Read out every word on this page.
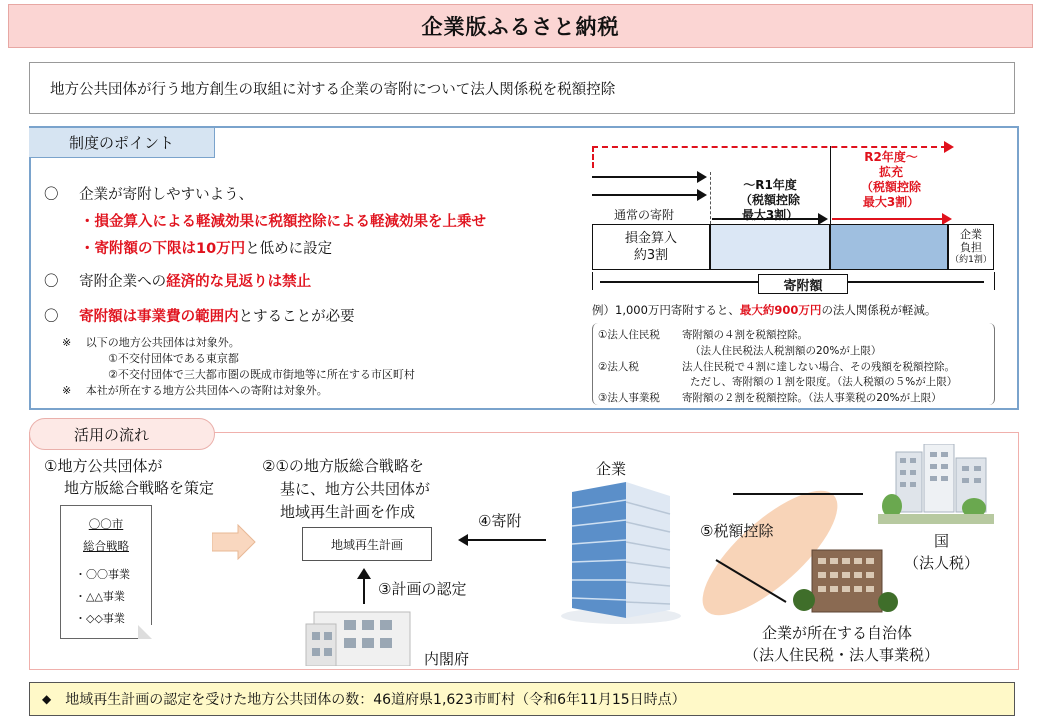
企業版ふるさと納税
地方公共団体が行う地方創生の取組に対する企業の寄附について法人関係税を税額控除
制度のポイント
〇 企業が寄附しやすいよう、
・損金算入による軽減効果に税額控除による軽減効果を上乗せ
・寄附額の下限は10万円と低めに設定
〇 寄附企業への経済的な見返りは禁止
〇 寄附額は事業費の範囲内とすることが必要
※　 以下の地方公共団体は対象外。
①不交付団体である東京都
②不交付団体で三大都市圏の既成市街地等に所在する市区町村
※　 本社が所在する地方公共団体への寄附は対象外。
R2年度～
拡充
（税額控除
最大3割）
～R1年度
（税額控除
最大3割）
通常の寄附
損金算入
約3割
企業
負担
（約1割）
寄附額
例）1,000万円寄附すると、最大約900万円の法人関係税が軽減。
①法人住民税 寄附額の４割を税額控除。
（法人住民税法人税割額の20%が上限）
②法人税	法人住民税で４割に達しない場合、その残額を税額控除。
ただし、寄附額の１割を限度。（法人税額の５%が上限）
③法人事業税 寄附額の２割を税額控除。（法人事業税の20%が上限）
活用の流れ
①地方公共団体が
地方版総合戦略を策定
〇〇市
総合戦略
・〇〇事業
・△△事業
・◇◇事業
②①の地方版総合戦略を
基に、地方公共団体が
地域再生計画を作成
地域再生計画
④寄附
③計画の認定
内閣府
企業
⑤税額控除
国
（法人税）
企業が所在する自治体
（法人住民税・法人事業税）
◆ 地域再生計画の認定を受けた地方公共団体の数：46道府県1,623市町村（令和6年11月15日時点）
